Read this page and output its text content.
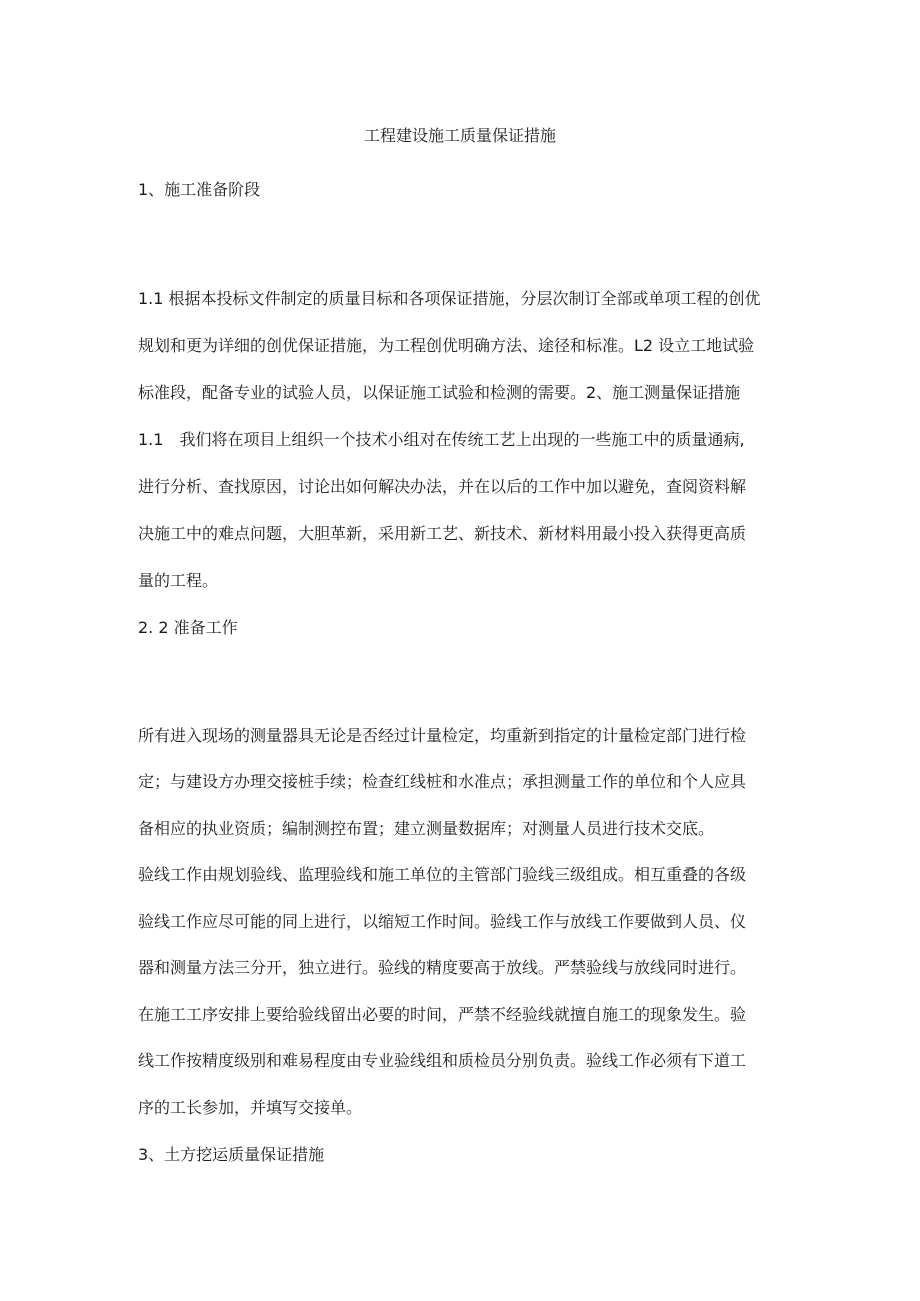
工程建设施工质量保证措施
1、施工准备阶段
1.1 根据本投标文件制定的质量目标和各项保证措施，分层次制订全部或单项工程的创优
规划和更为详细的创优保证措施，为工程创优明确方法、途径和标准。L2 设立工地试验
标准段，配备专业的试验人员，以保证施工试验和检测的需要。2、施工测量保证措施
1.1　我们将在项目上组织一个技术小组对在传统工艺上出现的一些施工中的质量通病,
进行分析、查找原因，讨论出如何解决办法，并在以后的工作中加以避免，查阅资料解
决施工中的难点问题，大胆革新，采用新工艺、新技术、新材料用最小投入获得更高质
量的工程。
2. 2 准备工作
所有进入现场的测量器具无论是否经过计量检定，均重新到指定的计量检定部门进行检
定；与建设方办理交接桩手续；检查红线桩和水准点；承担测量工作的单位和个人应具
备相应的执业资质；编制测控布置；建立测量数据库；对测量人员进行技术交底。
验线工作由规划验线、监理验线和施工单位的主管部门验线三级组成。相互重叠的各级
验线工作应尽可能的同上进行，以缩短工作时间。验线工作与放线工作要做到人员、仪
器和测量方法三分开，独立进行。验线的精度要高于放线。严禁验线与放线同时进行。
在施工工序安排上要给验线留出必要的时间，严禁不经验线就擅自施工的现象发生。验
线工作按精度级别和难易程度由专业验线组和质检员分别负责。验线工作必须有下道工
序的工长参加，并填写交接单。
3、土方挖运质量保证措施
